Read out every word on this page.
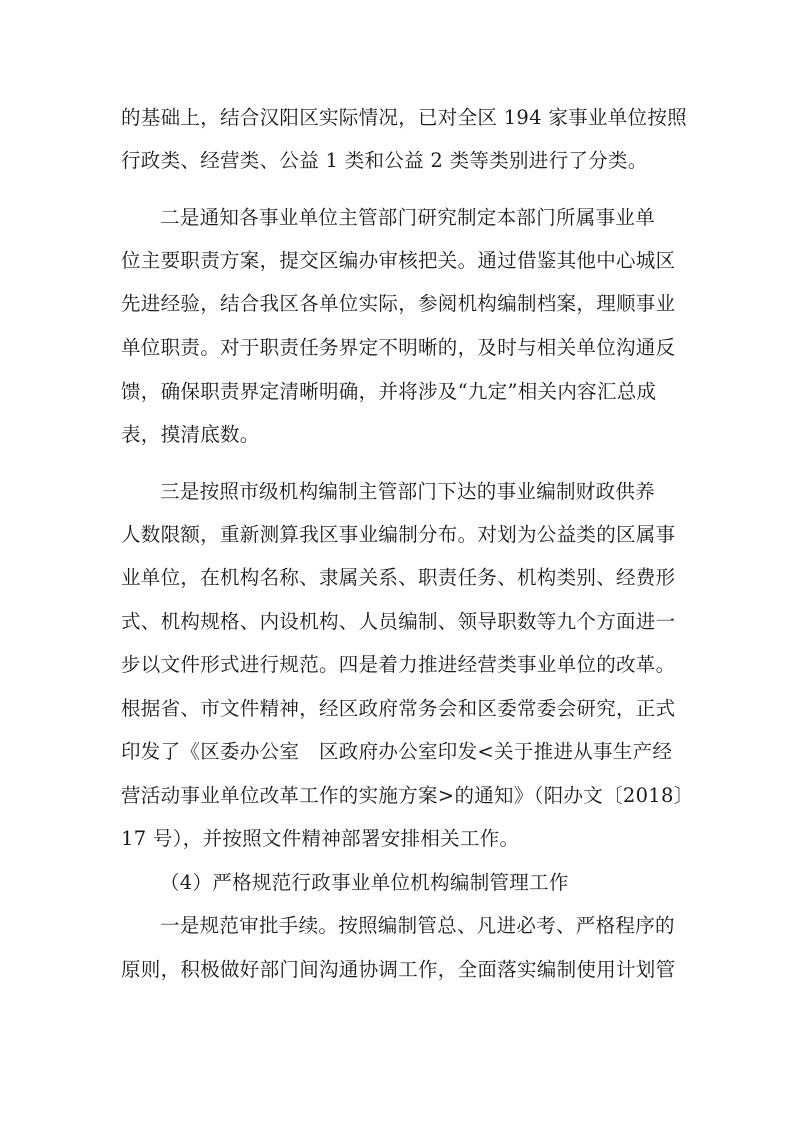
的基础上，结合汉阳区实际情况，已对全区 194 家事业单位按照
行政类、经营类、公益 1 类和公益 2 类等类别进行了分类。
二是通知各事业单位主管部门研究制定本部门所属事业单
位主要职责方案，提交区编办审核把关。通过借鉴其他中心城区
先进经验，结合我区各单位实际，参阅机构编制档案，理顺事业
单位职责。对于职责任务界定不明晰的，及时与相关单位沟通反
馈，确保职责界定清晰明确，并将涉及“九定”相关内容汇总成
表，摸清底数。
三是按照市级机构编制主管部门下达的事业编制财政供养
人数限额，重新测算我区事业编制分布。对划为公益类的区属事
业单位，在机构名称、隶属关系、职责任务、机构类别、经费形
式、机构规格、内设机构、人员编制、领导职数等九个方面进一
步以文件形式进行规范。四是着力推进经营类事业单位的改革。
根据省、市文件精神，经区政府常务会和区委常委会研究，正式
印发了《区委办公室　区政府办公室印发<关于推进从事生产经
营活动事业单位改革工作的实施方案>的通知》（阳办文〔2018〕
17 号），并按照文件精神部署安排相关工作。
（4）严格规范行政事业单位机构编制管理工作
一是规范审批手续。按照编制管总、凡进必考、严格程序的
原则，积极做好部门间沟通协调工作，全面落实编制使用计划管
